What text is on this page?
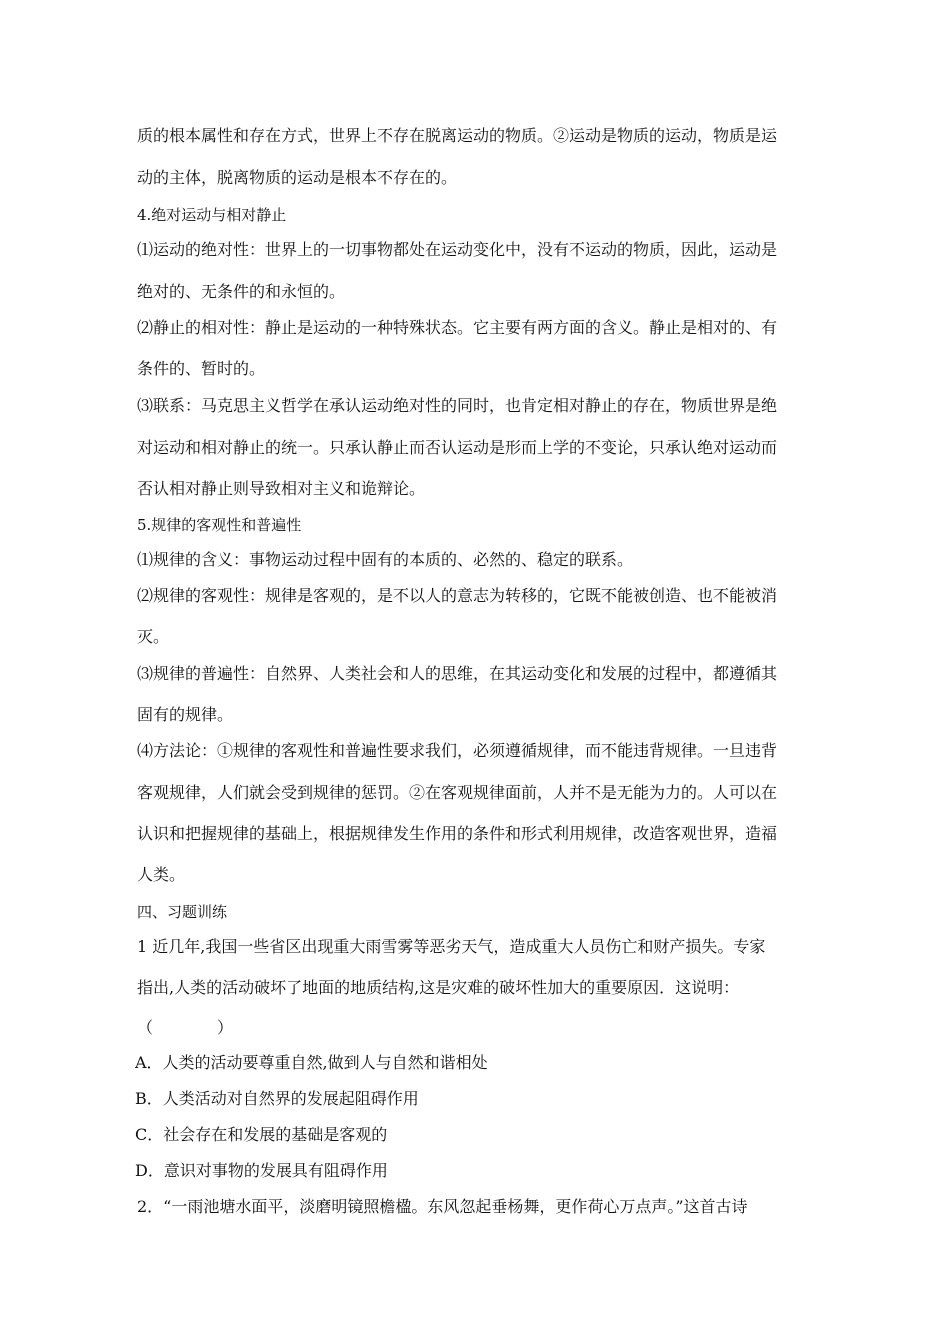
质的根本属性和存在方式，世界上不存在脱离运动的物质。②运动是物质的运动，物质是运
动的主体，脱离物质的运动是根本不存在的。
4.绝对运动与相对静止
⑴运动的绝对性：世界上的一切事物都处在运动变化中，没有不运动的物质，因此，运动是
绝对的、无条件的和永恒的。
⑵静止的相对性：静止是运动的一种特殊状态。它主要有两方面的含义。静止是相对的、有
条件的、暂时的。
⑶联系：马克思主义哲学在承认运动绝对性的同时，也肯定相对静止的存在，物质世界是绝
对运动和相对静止的统一。只承认静止而否认运动是形而上学的不变论，只承认绝对运动而
否认相对静止则导致相对主义和诡辩论。
5.规律的客观性和普遍性
⑴规律的含义：事物运动过程中固有的本质的、必然的、稳定的联系。
⑵规律的客观性：规律是客观的，是不以人的意志为转移的，它既不能被创造、也不能被消
灭。
⑶规律的普遍性：自然界、人类社会和人的思维，在其运动变化和发展的过程中，都遵循其
固有的规律。
⑷方法论：①规律的客观性和普遍性要求我们，必须遵循规律，而不能违背规律。一旦违背
客观规律，人们就会受到规律的惩罚。②在客观规律面前，人并不是无能为力的。人可以在
认识和把握规律的基础上，根据规律发生作用的条件和形式利用规律，改造客观世界，造福
人类。
四、习题训练
1 近几年,我国一些省区出现重大雨雪雾等恶劣天气，造成重大人员伤亡和财产损失。专家
指出,人类的活动破坏了地面的地质结构,这是灾难的破坏性加大的重要原因．这说明：
（　　　　）
A．人类的活动要尊重自然,做到人与自然和谐相处
B．人类活动对自然界的发展起阻碍作用
C．社会存在和发展的基础是客观的
D．意识对事物的发展具有阻碍作用
2．“一雨池塘水面平，淡磨明镜照檐楹。东风忽起垂杨舞，更作荷心万点声。”这首古诗
